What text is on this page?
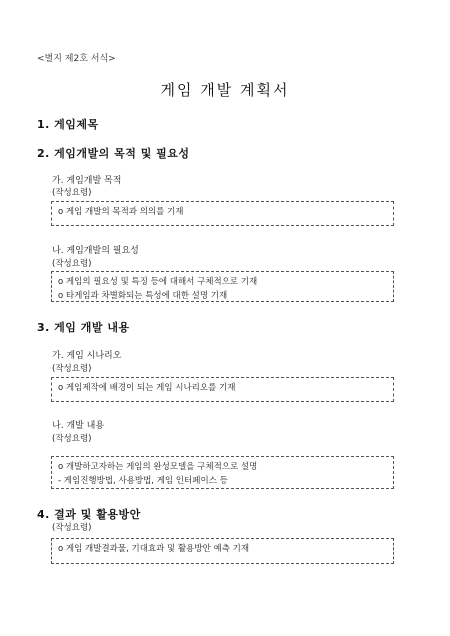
<별지 제2호 서식>
게임 개발 계획서
1. 게임제목
2. 게임개발의 목적 및 필요성
가. 게임개발 목적
(작성요령)
o 게임 개발의 목적과 의의를 기재
나. 게임개발의 필요성
(작성요령)
o 게임의 필요성 및 특징 등에 대해서 구체적으로 기재
o 타게임과 차별화되는 특성에 대한 설명 기재
3. 게임 개발 내용
가. 게임 시나리오
(작성요령)
o 게임제작에 배경이 되는 게임 시나리오를 기재
나. 개발 내용
(작성요령)
o 개발하고자하는 게임의 완성모델을 구체적으로 설명
- 게임진행방법, 사용방법, 게임 인터페이스 등
4. 결과 및 활용방안
(작성요령)
o 게임 개발결과물, 기대효과 및 활용방안 예측 기재
